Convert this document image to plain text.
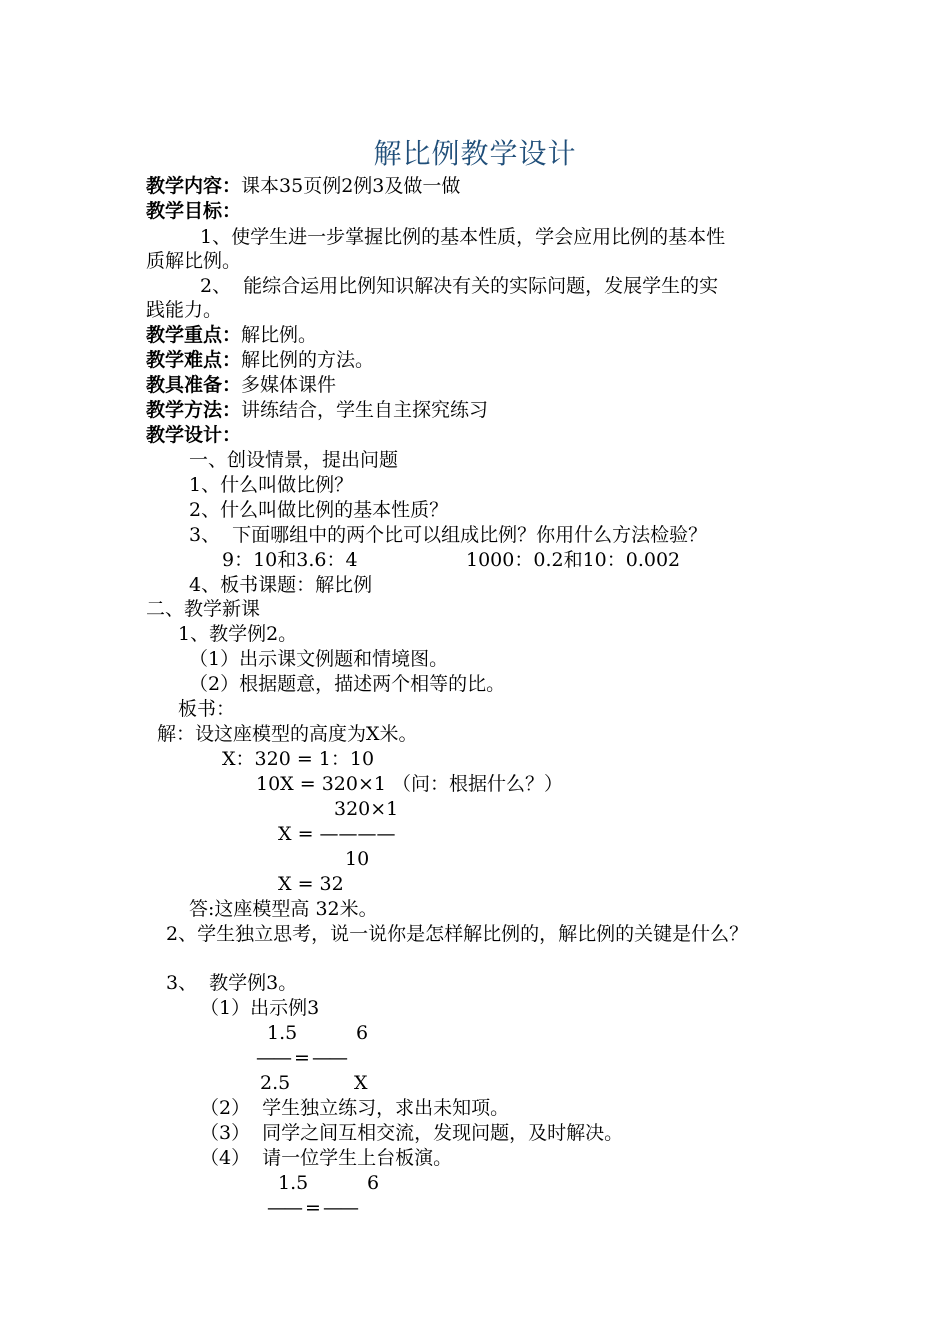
解比例教学设计
教学内容：课本35页例2例3及做一做
教学目标：
1、使学生进一步掌握比例的基本性质，学会应用比例的基本性
质解比例。
2、  能综合运用比例知识解决有关的实际问题，发展学生的实
践能力。
教学重点：解比例。
教学难点：解比例的方法。
教具准备：多媒体课件
教学方法：讲练结合，学生自主探究练习
教学设计：
一、创设情景，提出问题
1、什么叫做比例？
2、什么叫做比例的基本性质？
3、  下面哪组中的两个比可以组成比例？你用什么方法检验？
9：10和3.6：4	1000：0.2和10：0.002
4、板书课题：解比例
二、教学新课
1、教学例2。
（1）出示课文例题和情境图。
（2）根据题意，描述两个相等的比。
板书：
解：设这座模型的高度为X米。
X：320 = 1：10
10X = 320×1 （问：根据什么？）
320×1
X = ————
10
X = 32
答:这座模型高 32米。
2、学生独立思考，说一说你是怎样解比例的，解比例的关键是什么？
3、  教学例3。
（1）出示例3
1.5	6
—— = ——
2.5	X
（2）  学生独立练习，求出未知项。
（3）  同学之间互相交流，发现问题，及时解决。
（4）  请一位学生上台板演。
1.5	6
—— = ——
